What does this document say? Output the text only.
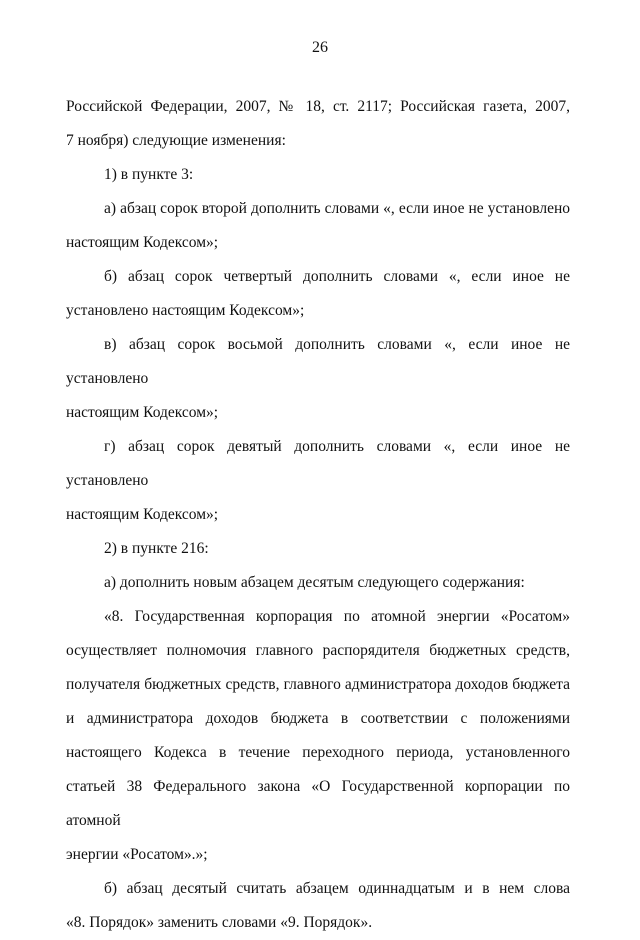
26

Российской Федерации, 2007, № 18, ст. 2117; Российская газета, 2007,
7 ноября) следующие изменения:

1) в пункте 3:

а) абзац сорок второй дополнить словами «, если иное не установлено
настоящим Кодексом»;

б) абзац сорок четвертый дополнить словами «, если иное не
установлено настоящим Кодексом»;

в) абзац сорок восьмой дополнить словами «, если иное не установлено
настоящим Кодексом»;

г) абзац сорок девятый дополнить словами «, если иное не установлено
настоящим Кодексом»;

2) в пункте 216:

а) дополнить новым абзацем десятым следующего содержания:

«8. Государственная корпорация по атомной энергии «Росатом»
осуществляет полномочия главного распорядителя бюджетных средств,
получателя бюджетных средств, главного администратора доходов бюджета
и администратора доходов бюджета в соответствии с положениями
настоящего Кодекса в течение переходного периода, установленного
статьей 38 Федерального закона «О Государственной корпорации по атомной
энергии «Росатом».»;

б) абзац десятый считать абзацем одиннадцатым и в нем слова
«8. Порядок» заменить словами «9. Порядок».
